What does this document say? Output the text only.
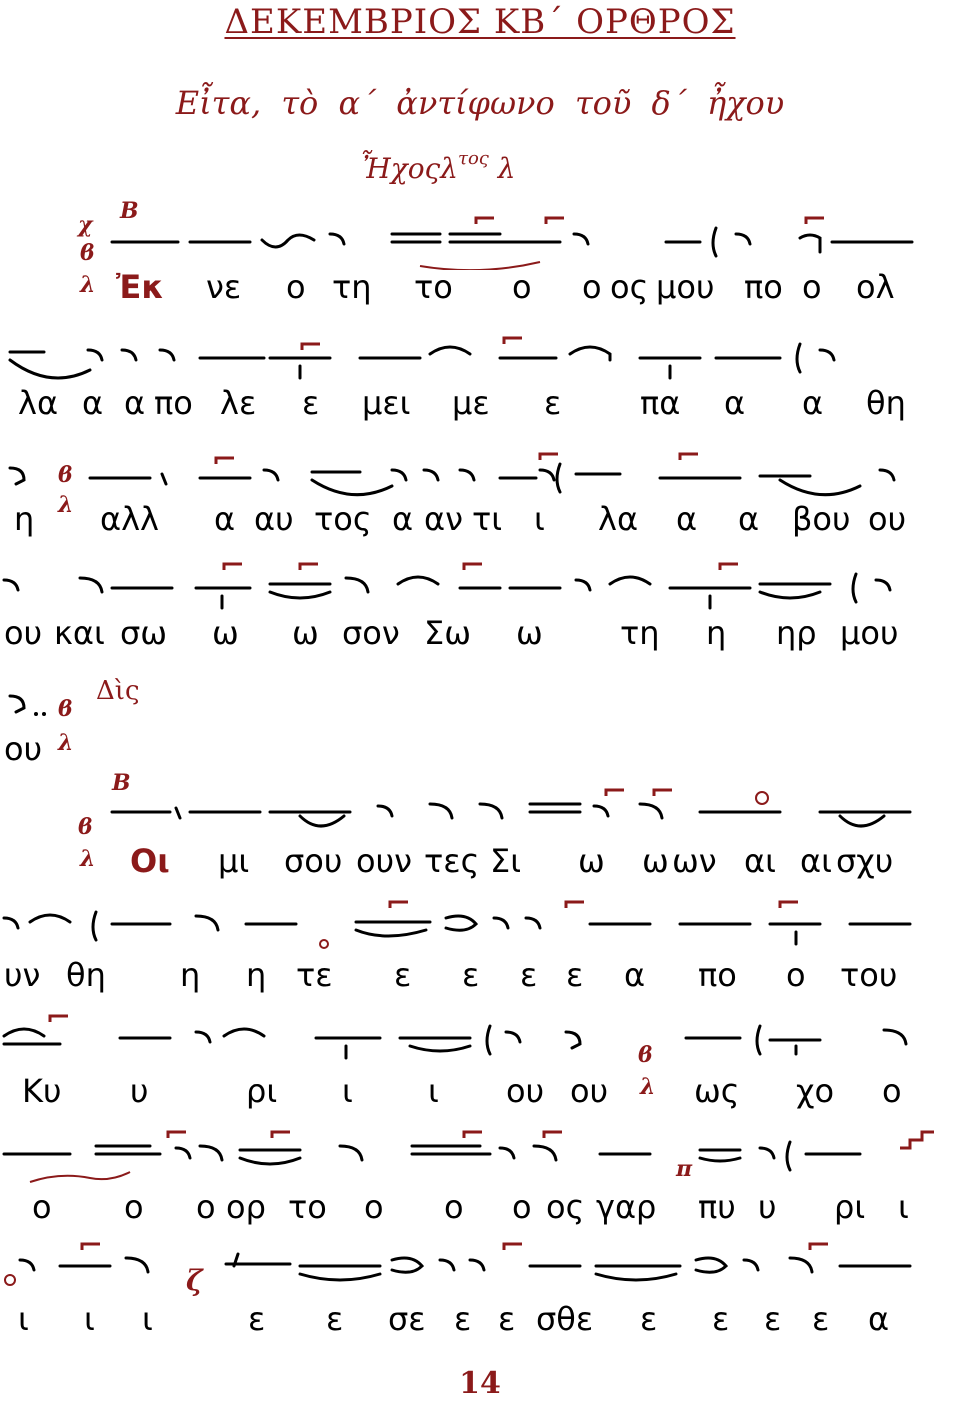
ΔΕΚΕΜΒΡΙΟΣ ΚΒ΄ ΟΡΘΡΟΣ
Εἶτα, τὸ α΄ ἀντίφωνο τοῦ δ΄ ἦχου
Ἦχοςλ$^{\tau o\varsigma}$ λ
χ
ϐ
λ
Β
ϐ
λ
ϐ
λ
Δὶς
Β
ϐ
λ
ϐ
λ
π
ζ
Ἐκ νε ο τη το ο ο ος μου πο ο ολ
λα α α πο λε ε μει με ε πα α α θη
η αλλ α αυ τος α αν τι ι λα α α βου ου
ου και σω ω ω σον Σω ω τη η ηρ μου
ου
Οι μι σου ουν τες Σι ω ω ων αι αι σχυ
υν θη η η τε ε ε ε ε α πο ο του
Κυ υ	ρι ι ι ου ου	ως χο ο
ο ο ο ορ το ο ο ο ος γαρ πυ υ ρι ι
ι ι ι	ε ε σε ε ε σθε ε ε ε ε α
14
